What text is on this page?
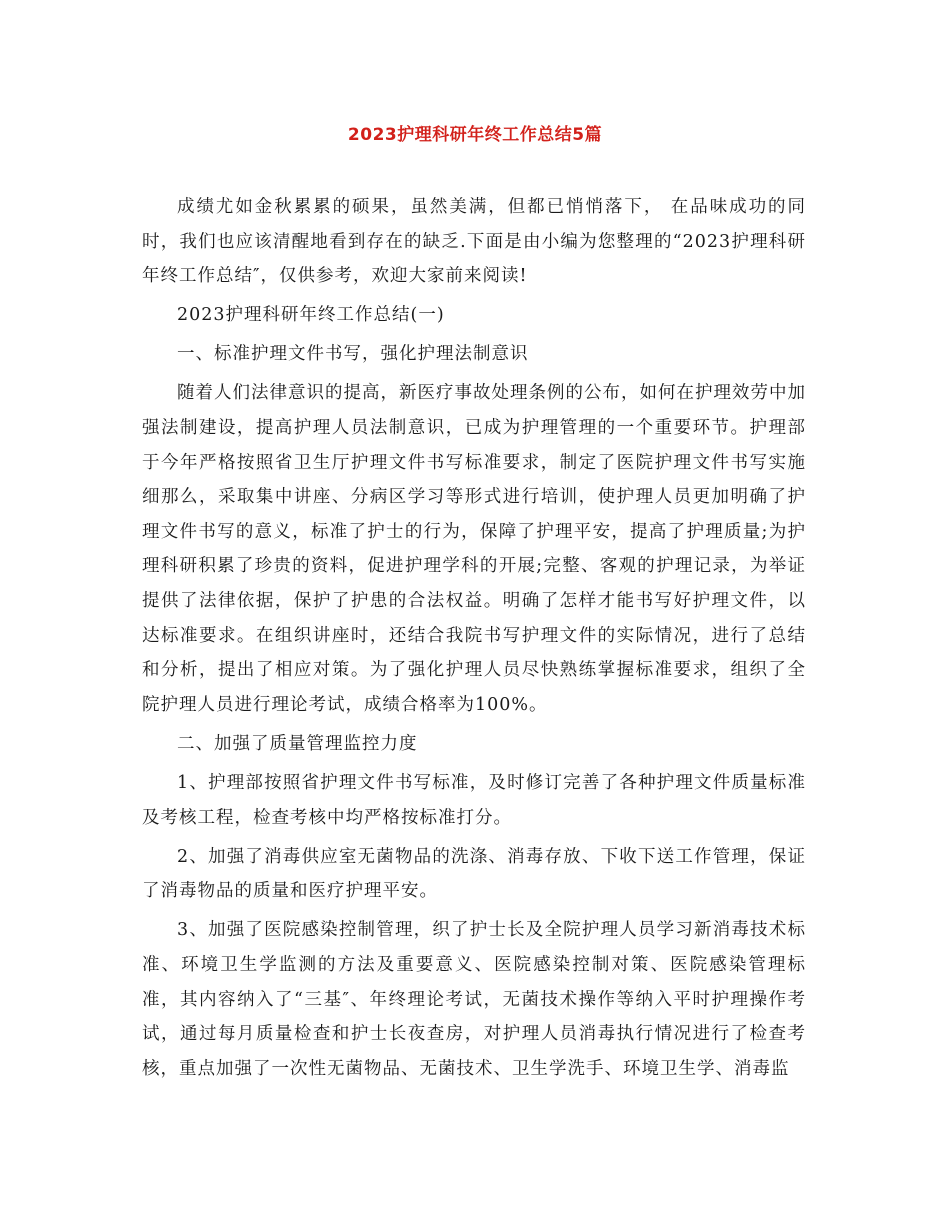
2023护理科研年终工作总结5篇

成绩尤如金秋累累的硕果，虽然美满，但都已悄悄落下， 在品味成功的同时，我们也应该清醒地看到存在的缺乏.下面是由小编为您整理的“2023护理科研年终工作总结″，仅供参考，欢迎大家前来阅读!

2023护理科研年终工作总结(一)

一、标准护理文件书写，强化护理法制意识

随着人们法律意识的提高，新医疗事故处理条例的公布，如何在护理效劳中加强法制建设，提高护理人员法制意识，已成为护理管理的一个重要环节。护理部于今年严格按照省卫生厅护理文件书写标准要求，制定了医院护理文件书写实施细那么，采取集中讲座、分病区学习等形式进行培训，使护理人员更加明确了护理文件书写的意义，标准了护士的行为，保障了护理平安，提高了护理质量;为护理科研积累了珍贵的资料，促进护理学科的开展;完整、客观的护理记录，为举证提供了法律依据，保护了护患的合法权益。明确了怎样才能书写好护理文件，以达标准要求。在组织讲座时，还结合我院书写护理文件的实际情况，进行了总结和分析，提出了相应对策。为了强化护理人员尽快熟练掌握标准要求，组织了全院护理人员进行理论考试，成绩合格率为100%。

二、加强了质量管理监控力度

1、护理部按照省护理文件书写标准，及时修订完善了各种护理文件质量标准及考核工程，检查考核中均严格按标准打分。

2、加强了消毒供应室无菌物品的洗涤、消毒存放、下收下送工作管理，保证了消毒物品的质量和医疗护理平安。

3、加强了医院感染控制管理，织了护士长及全院护理人员学习新消毒技术标准、环境卫生学监测的方法及重要意义、医院感染控制对策、医院感染管理标准，其内容纳入了“三基″、年终理论考试，无菌技术操作等纳入平时护理操作考试，通过每月质量检查和护士长夜查房，对护理人员消毒执行情况进行了检查考核，重点加强了一次性无菌物品、无菌技术、卫生学洗手、环境卫生学、消毒监
